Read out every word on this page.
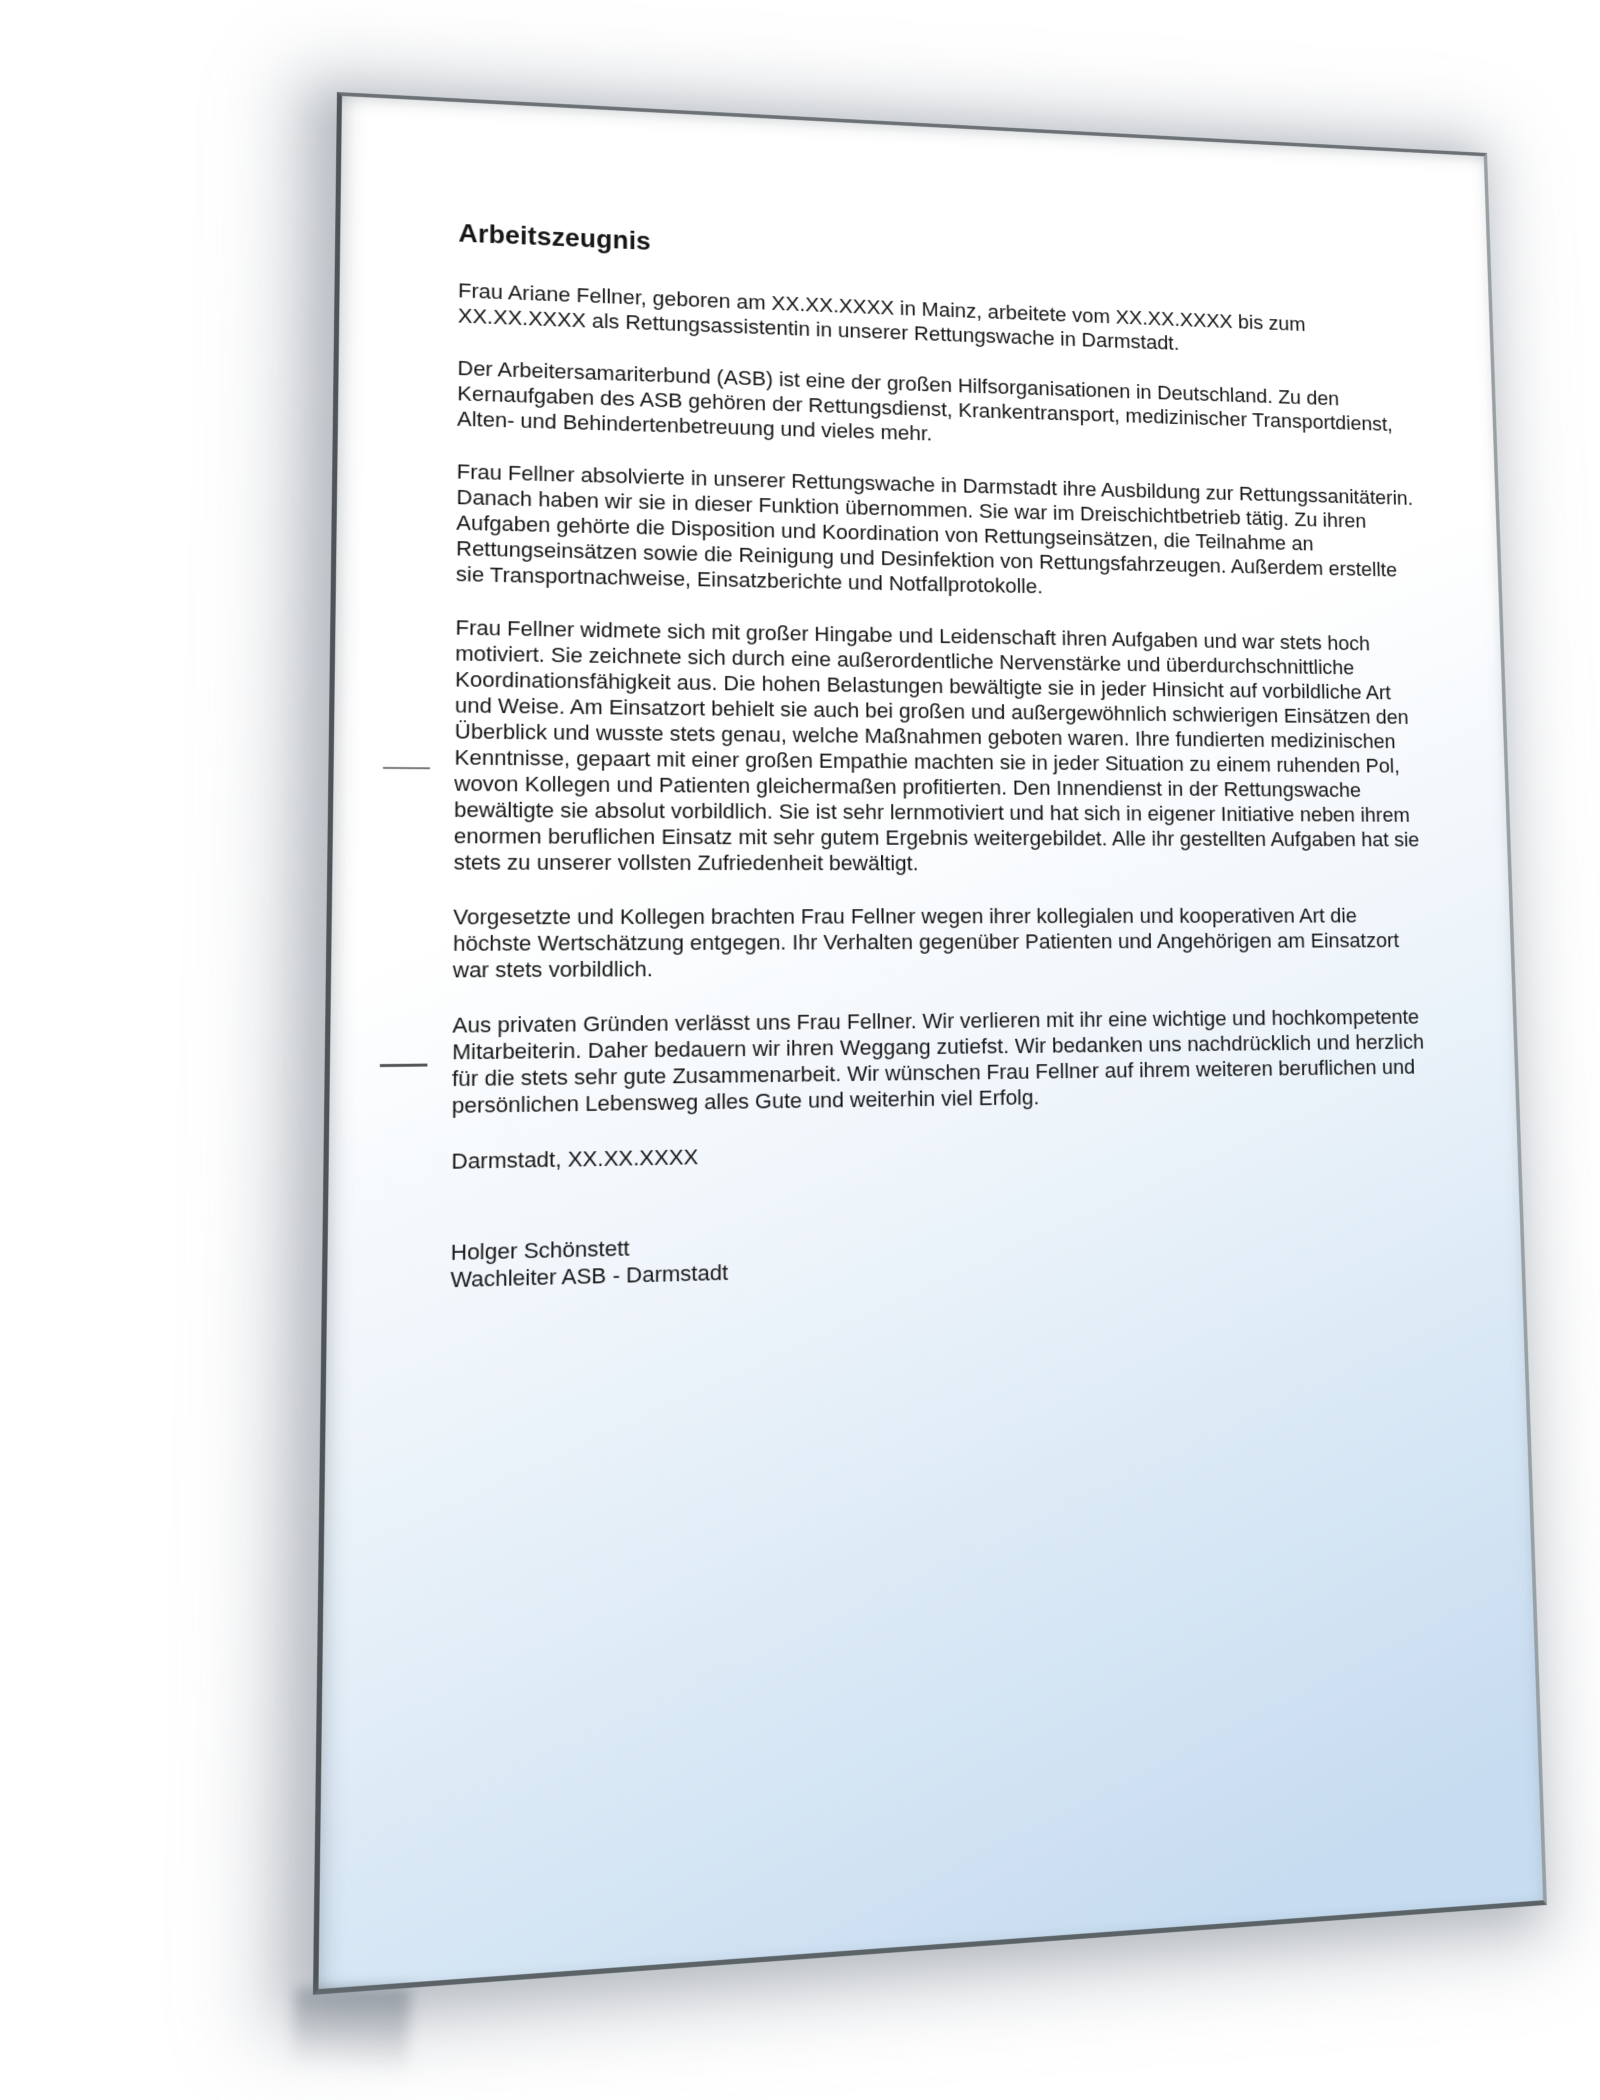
Arbeitszeugnis

Frau Ariane Fellner, geboren am XX.XX.XXXX in Mainz, arbeitete vom XX.XX.XXXX bis zum
XX.XX.XXXX als Rettungsassistentin in unserer Rettungswache in Darmstadt.

Der Arbeitersamariterbund (ASB) ist eine der großen Hilfsorganisationen in Deutschland. Zu den
Kernaufgaben des ASB gehören der Rettungsdienst, Krankentransport, medizinischer Transportdienst,
Alten- und Behindertenbetreuung und vieles mehr.

Frau Fellner absolvierte in unserer Rettungswache in Darmstadt ihre Ausbildung zur Rettungssanitäterin.
Danach haben wir sie in dieser Funktion übernommen. Sie war im Dreischichtbetrieb tätig. Zu ihren
Aufgaben gehörte die Disposition und Koordination von Rettungseinsätzen, die Teilnahme an
Rettungseinsätzen sowie die Reinigung und Desinfektion von Rettungsfahrzeugen. Außerdem erstellte
sie Transportnachweise, Einsatzberichte und Notfallprotokolle.

Frau Fellner widmete sich mit großer Hingabe und Leidenschaft ihren Aufgaben und war stets hoch
motiviert. Sie zeichnete sich durch eine außerordentliche Nervenstärke und überdurchschnittliche
Koordinationsfähigkeit aus. Die hohen Belastungen bewältigte sie in jeder Hinsicht auf vorbildliche Art
und Weise. Am Einsatzort behielt sie auch bei großen und außergewöhnlich schwierigen Einsätzen den
Überblick und wusste stets genau, welche Maßnahmen geboten waren. Ihre fundierten medizinischen
Kenntnisse, gepaart mit einer großen Empathie machten sie in jeder Situation zu einem ruhenden Pol,
wovon Kollegen und Patienten gleichermaßen profitierten. Den Innendienst in der Rettungswache
bewältigte sie absolut vorbildlich. Sie ist sehr lernmotiviert und hat sich in eigener Initiative neben ihrem
enormen beruflichen Einsatz mit sehr gutem Ergebnis weitergebildet. Alle ihr gestellten Aufgaben hat sie
stets zu unserer vollsten Zufriedenheit bewältigt.

Vorgesetzte und Kollegen brachten Frau Fellner wegen ihrer kollegialen und kooperativen Art die
höchste Wertschätzung entgegen. Ihr Verhalten gegenüber Patienten und Angehörigen am Einsatzort
war stets vorbildlich.

Aus privaten Gründen verlässt uns Frau Fellner. Wir verlieren mit ihr eine wichtige und hochkompetente
Mitarbeiterin. Daher bedauern wir ihren Weggang zutiefst. Wir bedanken uns nachdrücklich und herzlich
für die stets sehr gute Zusammenarbeit. Wir wünschen Frau Fellner auf ihrem weiteren beruflichen und
persönlichen Lebensweg alles Gute und weiterhin viel Erfolg.

Darmstadt, XX.XX.XXXX

Holger Schönstett

Wachleiter ASB - Darmstadt
